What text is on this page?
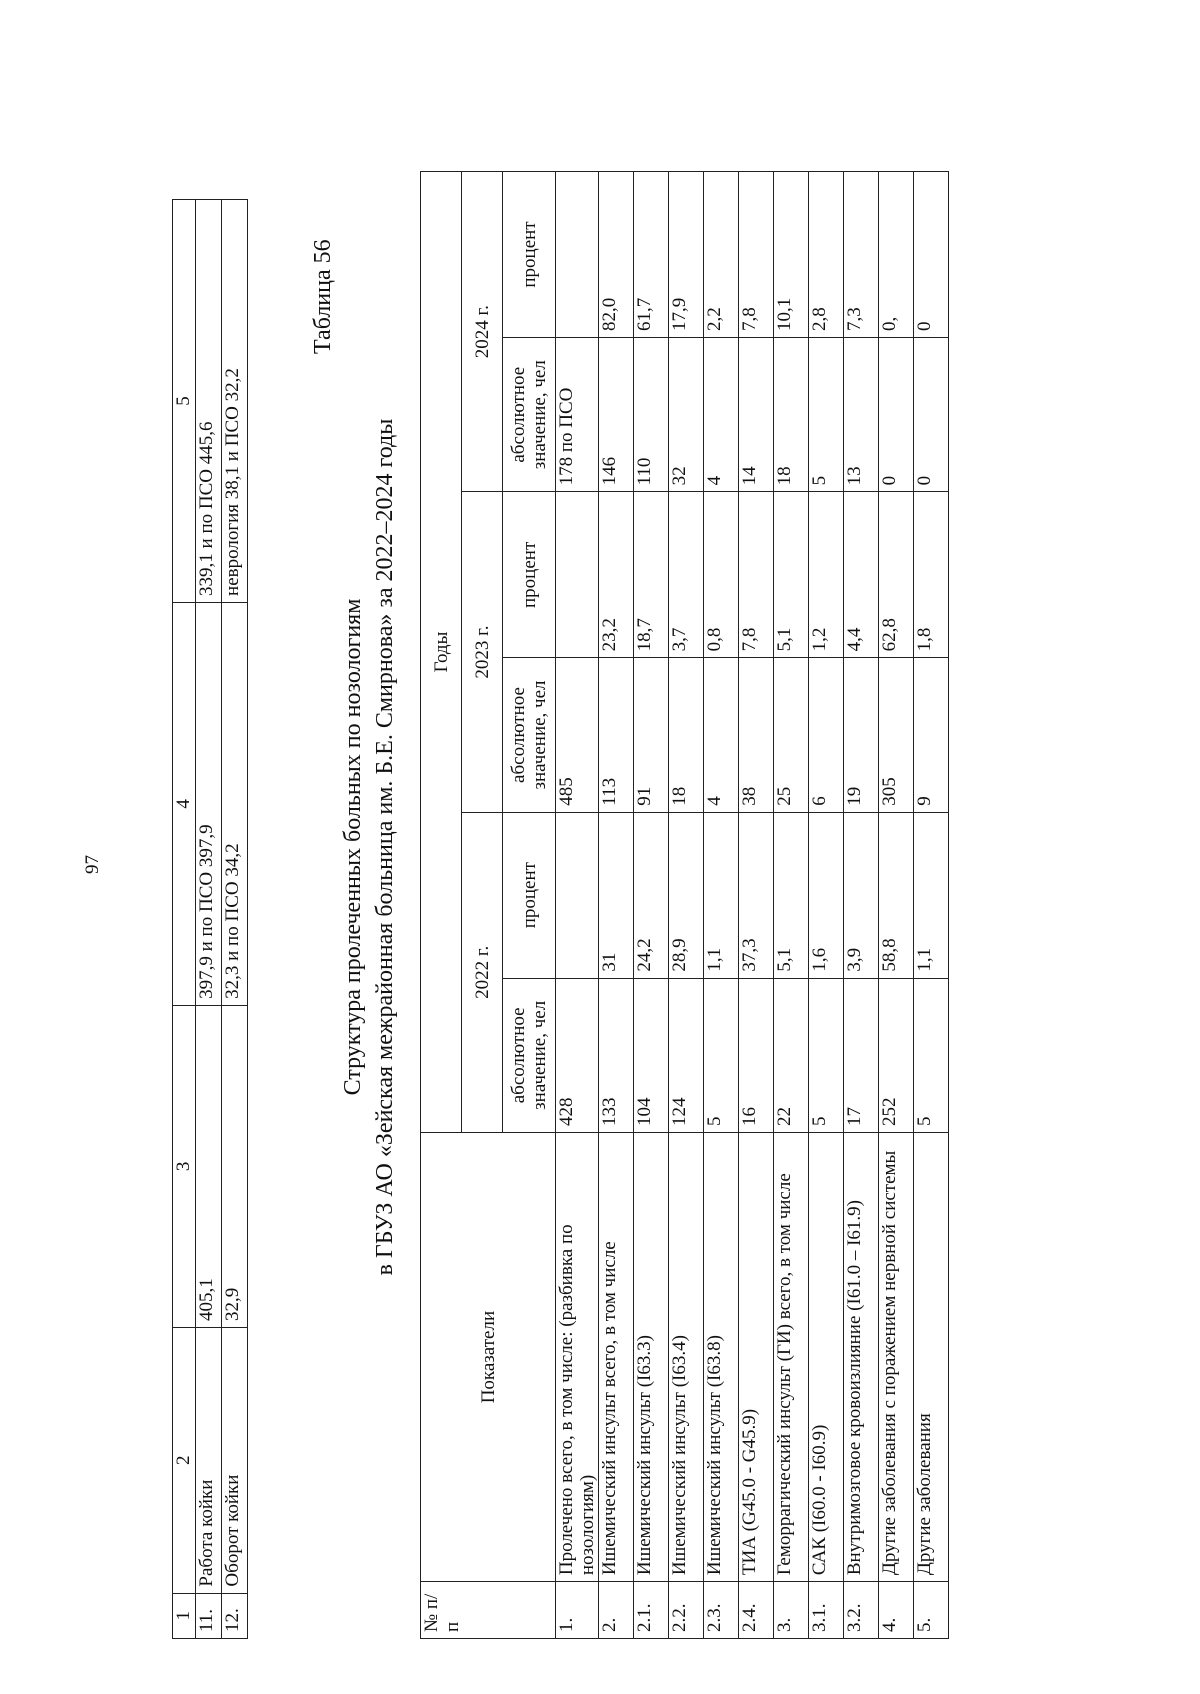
97
1	2	3	4	5
11.	Работа койки	405,1	397,9 и по ПСО 397,9	339,1 и по ПСО 445,6
12.	Оборот койки	32,9	32,3 и по ПСО 34,2	неврология 38,1 и ПСО 32,2
Таблица 56
Структура пролеченных больных по нозологиям в ГБУЗ АО «Зейская межрайонная больница им. Б.Е. Смирнова» за 2022–2024 годы
№ п/п	Показатели	Годы					
		2022 г.		2023 г.		2024 г.	
		абсолютное значение, чел	процент	абсолютное значение, чел	процент	абсолютное значение, чел	процент
1.	Пролечено всего, в том числе: (разбивка по нозологиям)	428		485		178 по ПСО	
2.	Ишемический инсульт всего, в том числе	133	31	113	23,2	146	82,0
2.1.	Ишемический инсульт (I63.3)	104	24,2	91	18,7	110	61,7
2.2.	Ишемический инсульт (I63.4)	124	28,9	18	3,7	32	17,9
2.3.	Ишемический инсульт (I63.8)	5	1,1	4	0,8	4	2,2
2.4.	ТИА (G45.0 - G45.9)	16	37,3	38	7,8	14	7,8
3.	Геморрагический инсульт (ГИ) всего, в том числе	22	5,1	25	5,1	18	10,1
3.1.	САК (I60.0 - I60.9)	5	1,6	6	1,2	5	2,8
3.2.	Внутримозговое кровоизлияние (I61.0 – I61.9)	17	3,9	19	4,4	13	7,3
4.	Другие заболевания с поражением нервной системы	252	58,8	305	62,8	0	0,
5.	Другие заболевания	5	1,1	9	1,8	0	0
